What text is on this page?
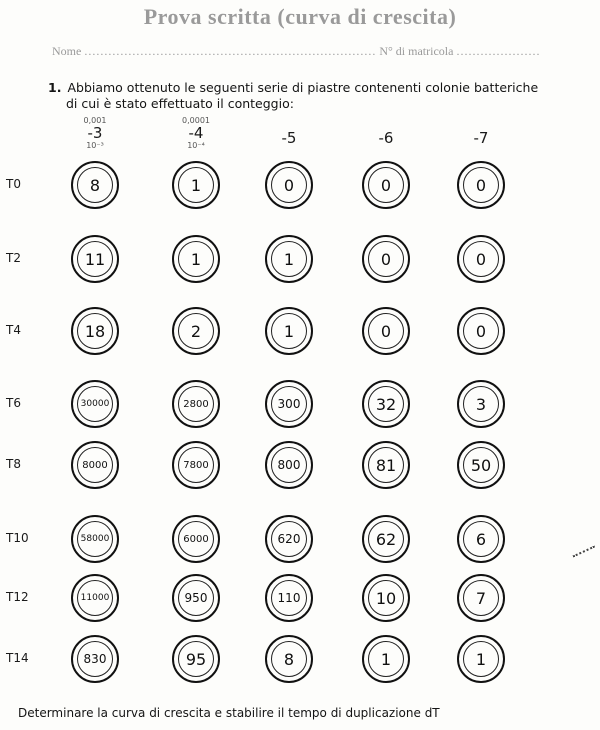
Prova scritta (curva di crescita)
Nome ......................................................................... N° di matricola .....................
1. Abbiamo ottenuto le seguenti serie di piastre contenenti colonie batteriche
di cui è stato effettuato il conteggio:
0,001
-3
10⁻³
0,0001
-4
10⁻⁴	-5	-6	-7
T0	8	1	0	0	0
T2	11	1	1	0	0
T4	18	2	1	0	0
T6	30000	2800	300	32	3
T8	8000	7800	800	81	50
T10	58000	6000	620	62	6
T12	11000	950	110	10	7
T14	830	95	8	1	1
Determinare la curva di crescita e stabilire il tempo di duplicazione dT
